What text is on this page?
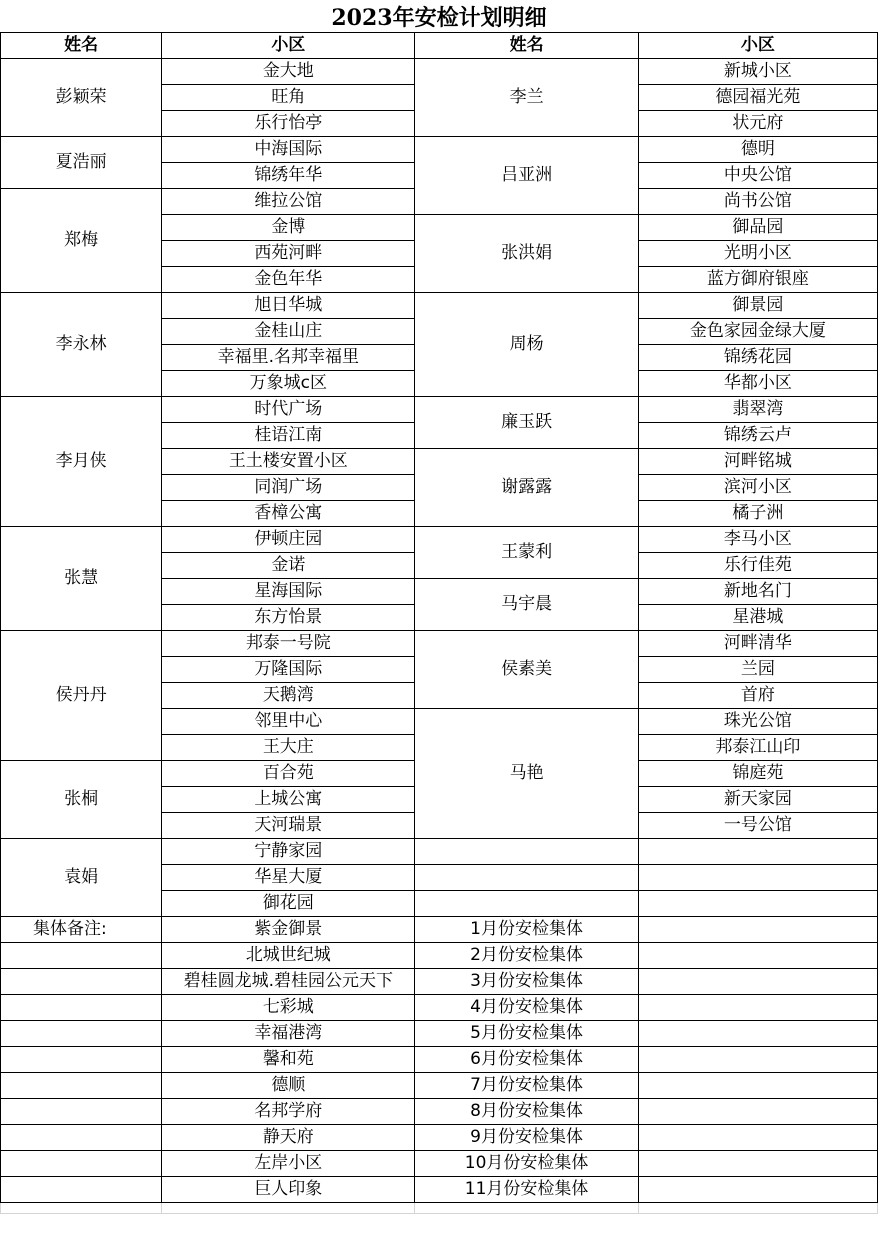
2023年安检计划明细
姓名	小区	姓名	小区
彭颖荣	金大地	李兰	新城小区
	旺角		德园福光苑
	乐行怡亭		状元府
夏浩丽	中海国际	吕亚洲	德明
	锦绣年华		中央公馆
郑梅	维拉公馆		尚书公馆
	金博	张洪娟	御品园
	西苑河畔		光明小区
	金色年华		蓝方御府银座
李永林	旭日华城	周杨	御景园
	金桂山庄		金色家园金绿大厦
	幸福里.名邦幸福里		锦绣花园
	万象城c区		华都小区
李月侠	时代广场	廉玉跃	翡翠湾
	桂语江南		锦绣云卢
	王土楼安置小区	谢露露	河畔铭城
	同润广场		滨河小区
	香樟公寓		橘子洲
张慧	伊顿庄园	王蒙利	李马小区
	金诺		乐行佳苑
	星海国际	马宇晨	新地名门
	东方怡景		星港城
侯丹丹	邦泰一号院	侯素美	河畔清华
	万隆国际		兰园
	天鹅湾		首府
	邻里中心	马艳	珠光公馆
	王大庄		邦泰江山印
张桐	百合苑		锦庭苑
	上城公寓		新天家园
	天河瑞景		一号公馆
袁娟	宁静家园		
	华星大厦		
	御花园		
集体备注:	紫金御景	1月份安检集体	
	北城世纪城	2月份安检集体	
	碧桂圆龙城.碧桂园公元天下	3月份安检集体	
	七彩城	4月份安检集体	
	幸福港湾	5月份安检集体	
	馨和苑	6月份安检集体	
	德顺	7月份安检集体	
	名邦学府	8月份安检集体	
	静天府	9月份安检集体	
	左岸小区	10月份安检集体	
	巨人印象	11月份安检集体	
